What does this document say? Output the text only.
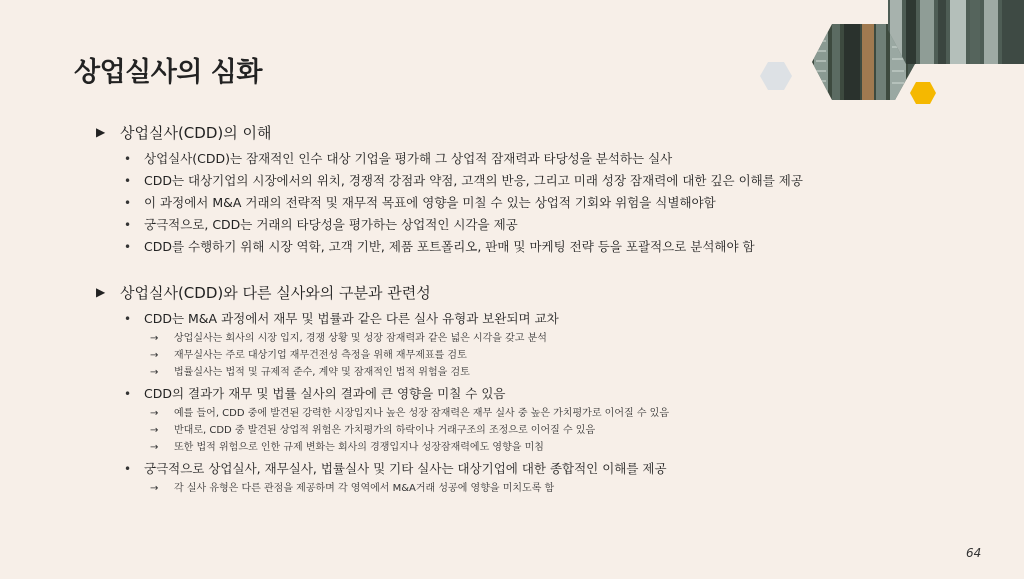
상업실사의 심화
▶ 상업실사(CDD)의 이해
• 상업실사(CDD)는 잠재적인 인수 대상 기업을 평가해 그 상업적 잠재력과 타당성을 분석하는 실사
• CDD는 대상기업의 시장에서의 위치, 경쟁적 강점과 약점, 고객의 반응, 그리고 미래 성장 잠재력에 대한 깊은 이해를 제공
• 이 과정에서 M&A 거래의 전략적 및 재무적 목표에 영향을 미칠 수 있는 상업적 기회와 위험을 식별해야함
• 궁극적으로, CDD는 거래의 타당성을 평가하는 상업적인 시각을 제공
• CDD를 수행하기 위해 시장 역학, 고객 기반, 제품 포트폴리오, 판매 및 마케팅 전략 등을 포괄적으로 분석해야 함
▶ 상업실사(CDD)와 다른 실사와의 구분과 관련성
• CDD는 M&A 과정에서 재무 및 법률과 같은 다른 실사 유형과 보완되며 교차
→ 상업실사는 회사의 시장 입지, 경쟁 상황 및 성장 잠재력과 같은 넓은 시각을 갖고 분석
→ 재무실사는 주로 대상기업 재무건전성 측정을 위해 재무제표를 검토
→ 법률실사는 법적 및 규제적 준수, 계약 및 잠재적인 법적 위험을 검토
• CDD의 결과가 재무 및 법률 실사의 결과에 큰 영향을 미칠 수 있음
→ 예를 들어, CDD 중에 발견된 강력한 시장입지나 높은 성장 잠재력은 재무 실사 중 높은 가치평가로 이어질 수 있음
→ 반대로, CDD 중 발견된 상업적 위험은 가치평가의 하락이나 거래구조의 조정으로 이어질 수 있음
→ 또한 법적 위험으로 인한 규제 변화는 회사의 경쟁입지나 성장잠재력에도 영향을 미침
• 궁극적으로 상업실사, 재무실사, 법률실사 및 기타 실사는 대상기업에 대한 종합적인 이해를 제공
→ 각 실사 유형은 다른 관점을 제공하며 각 영역에서 M&A거래 성공에 영향을 미치도록 함
64
